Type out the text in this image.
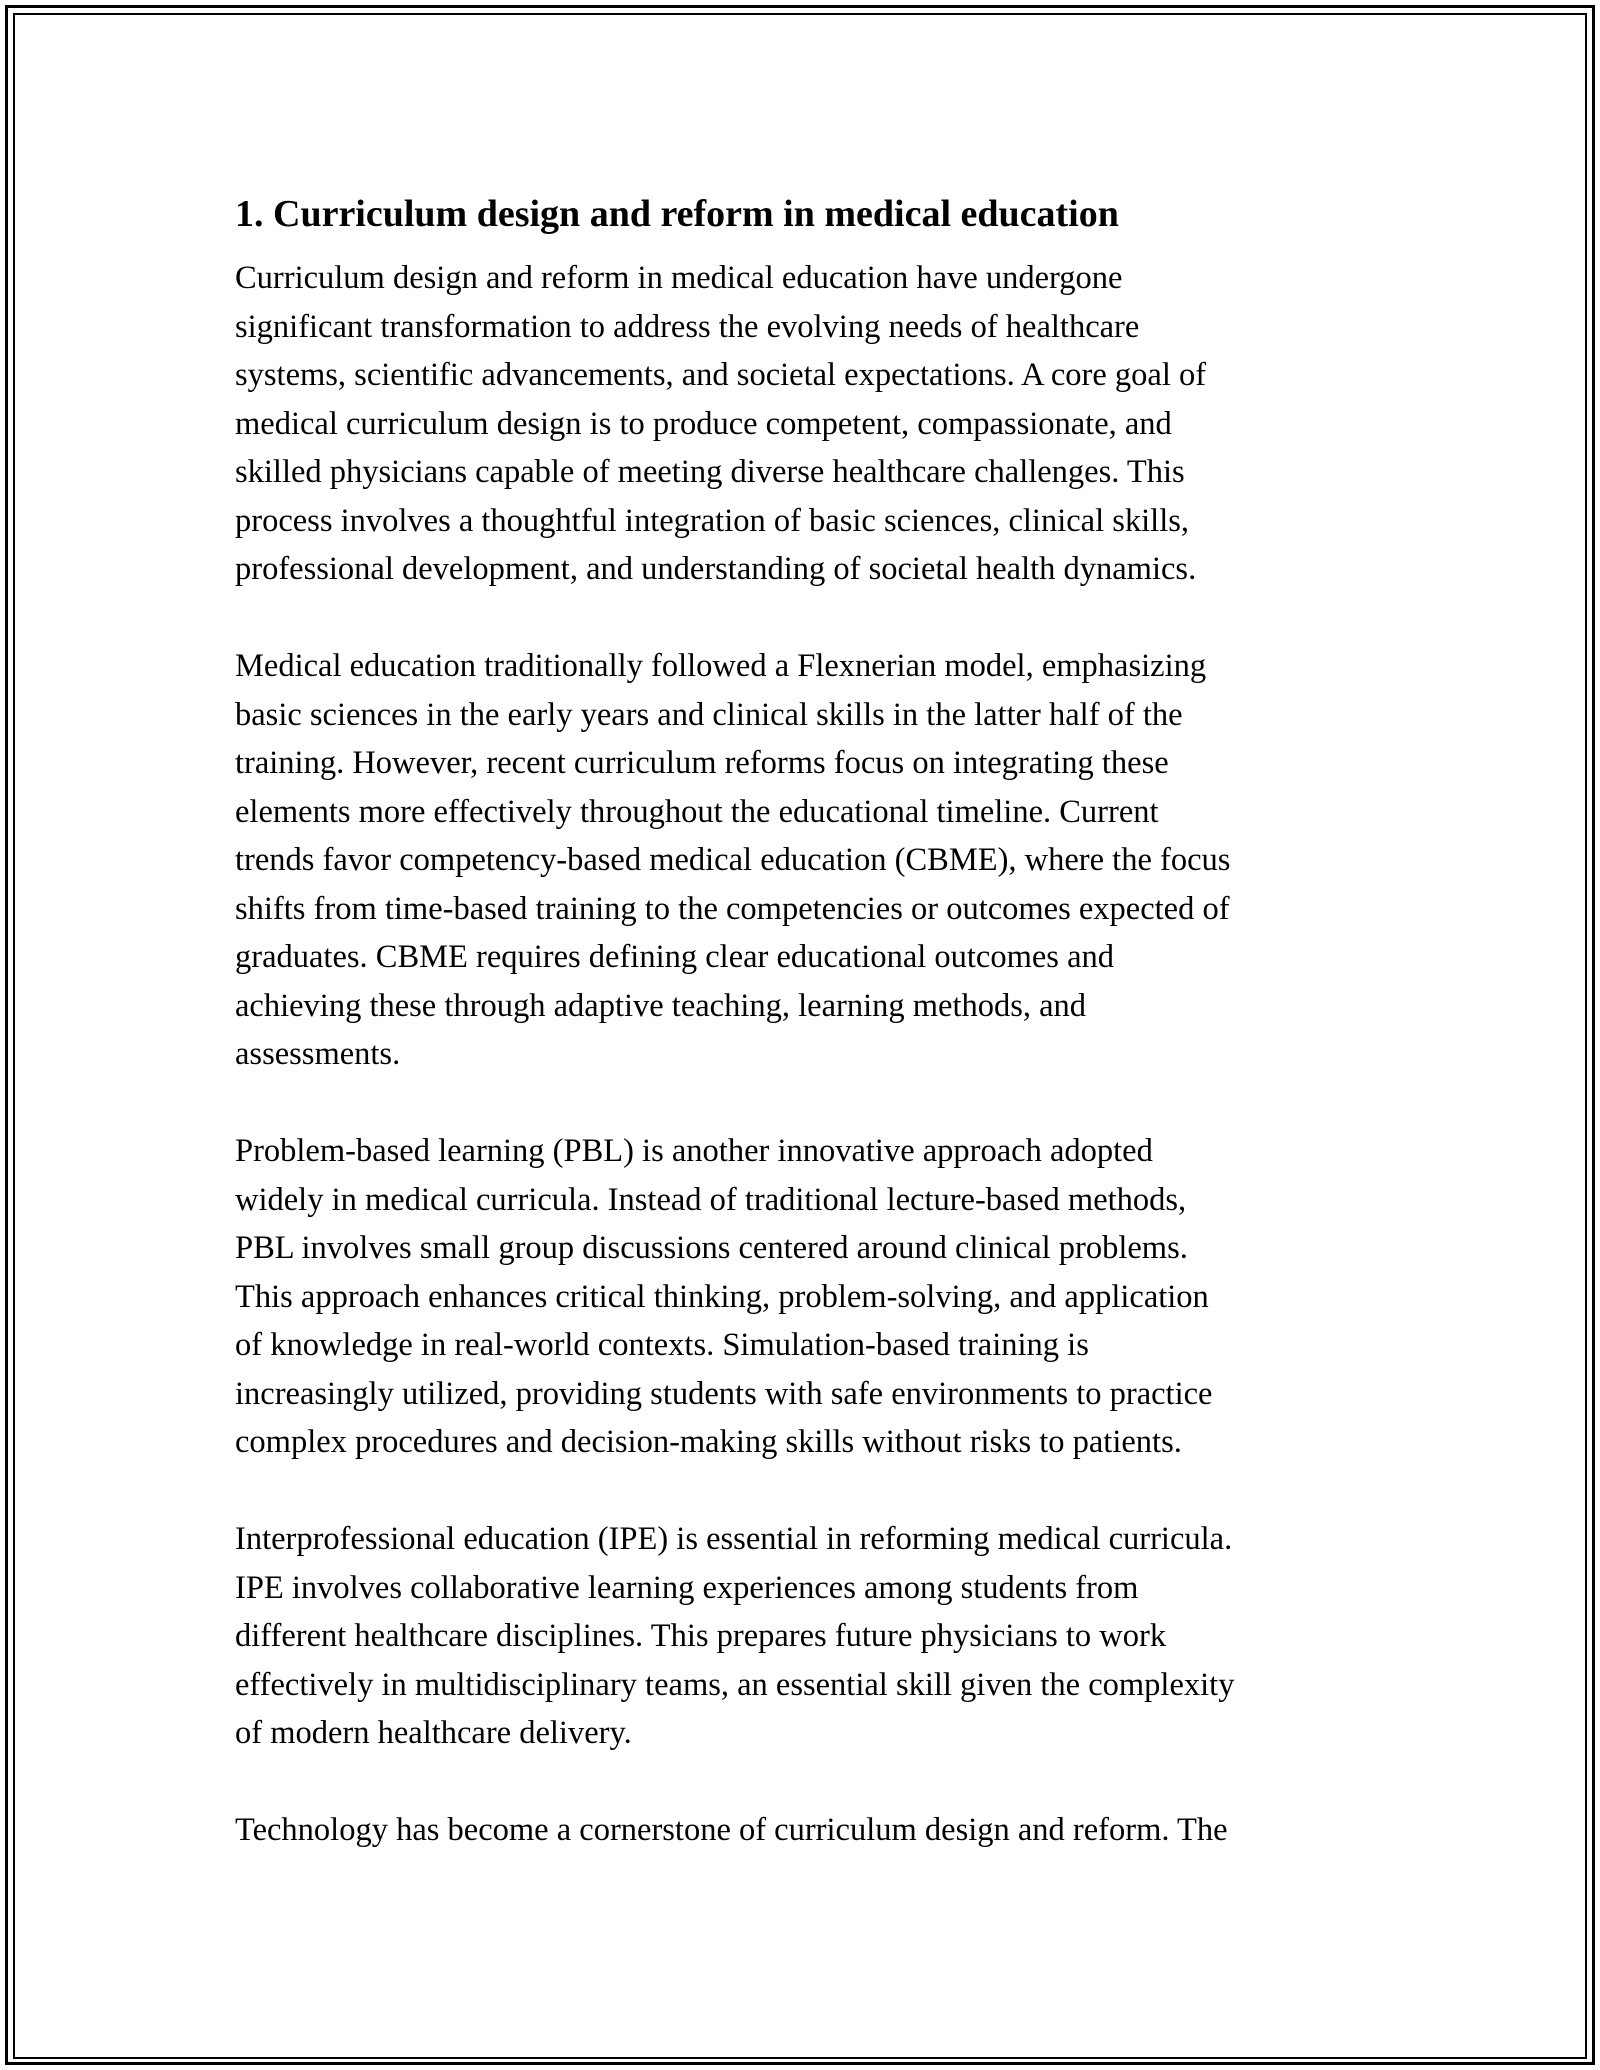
1. Curriculum design and reform in medical education
Curriculum design and reform in medical education have undergone
significant transformation to address the evolving needs of healthcare
systems, scientific advancements, and societal expectations. A core goal of
medical curriculum design is to produce competent, compassionate, and
skilled physicians capable of meeting diverse healthcare challenges. This
process involves a thoughtful integration of basic sciences, clinical skills,
professional development, and understanding of societal health dynamics.
Medical education traditionally followed a Flexnerian model, emphasizing
basic sciences in the early years and clinical skills in the latter half of the
training. However, recent curriculum reforms focus on integrating these
elements more effectively throughout the educational timeline. Current
trends favor competency-based medical education (CBME), where the focus
shifts from time-based training to the competencies or outcomes expected of
graduates. CBME requires defining clear educational outcomes and
achieving these through adaptive teaching, learning methods, and
assessments.
Problem-based learning (PBL) is another innovative approach adopted
widely in medical curricula. Instead of traditional lecture-based methods,
PBL involves small group discussions centered around clinical problems.
This approach enhances critical thinking, problem-solving, and application
of knowledge in real-world contexts. Simulation-based training is
increasingly utilized, providing students with safe environments to practice
complex procedures and decision-making skills without risks to patients.
Interprofessional education (IPE) is essential in reforming medical curricula.
IPE involves collaborative learning experiences among students from
different healthcare disciplines. This prepares future physicians to work
effectively in multidisciplinary teams, an essential skill given the complexity
of modern healthcare delivery.
Technology has become a cornerstone of curriculum design and reform. The
